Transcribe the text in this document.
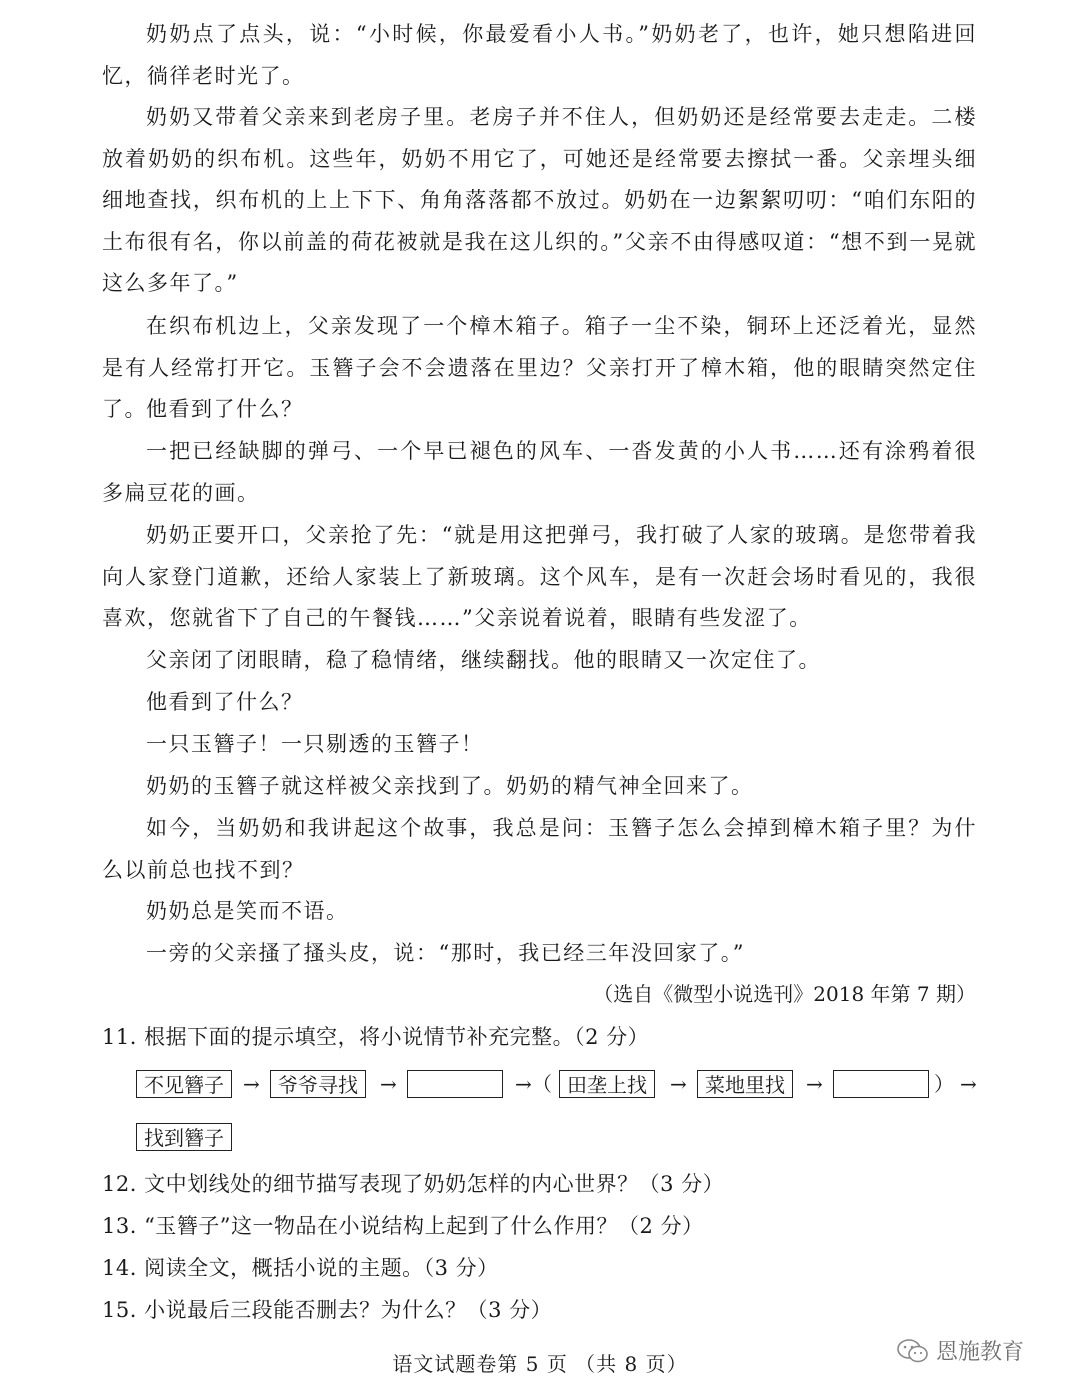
奶奶点了点头，说：“小时候，你最爱看小人书。”奶奶老了，也许，她只想陷进回忆，徜徉老时光了。

奶奶又带着父亲来到老房子里。老房子并不住人，但奶奶还是经常要去走走。二楼放着奶奶的织布机。这些年，奶奶不用它了，可她还是经常要去擦拭一番。父亲埋头细细地查找，织布机的上上下下、角角落落都不放过。奶奶在一边絮絮叨叨：“咱们东阳的土布很有名，你以前盖的荷花被就是我在这儿织的。”父亲不由得感叹道：“想不到一晃就这么多年了。”

在织布机边上，父亲发现了一个樟木箱子。箱子一尘不染，铜环上还泛着光，显然是有人经常打开它。玉簪子会不会遗落在里边？父亲打开了樟木箱，他的眼睛突然定住了。 他看到了什么？

一把已经缺脚的弹弓、一个早已褪色的风车、一沓发黄的小人书……还有涂鸦着很多扁豆花的画。

奶奶正要开口，父亲抢了先：“就是用这把弹弓，我打破了人家的玻璃。是您带着我向人家登门道歉，还给人家装上了新玻璃。这个风车，是有一次赶会场时看见的，我很喜欢，您就省下了自己的午餐钱……”父亲说着说着，眼睛有些发涩了。

父亲闭了闭眼睛，稳了稳情绪，继续翻找。他的眼睛又一次定住了。

他看到了什么？

一只玉簪子！一只剔透的玉簪子！

奶奶的玉簪子就这样被父亲找到了。奶奶的精气神全回来了。

如今，当奶奶和我讲起这个故事，我总是问：玉簪子怎么会掉到樟木箱子里？为什么以前总也找不到？

奶奶总是笑而不语。

一旁的父亲搔了搔头皮，说：“那时，我已经三年没回家了。”

（选自《微型小说选刊》2018 年第 7 期）
11. 根据下面的提示填空，将小说情节补充完整。（2 分）
不见簪子 → 爷爷寻找	→	→ （ 田垄上找	→ 菜地里找	→	） →
找到簪子
12. 文中划线处的细节描写表现了奶奶怎样的内心世界？（3 分）
13. “玉簪子”这一物品在小说结构上起到了什么作用？（2 分）
14. 阅读全文，概括小说的主题。（3 分）
15. 小说最后三段能否删去？为什么？（3 分）
语文试题卷第 5 页 （共 8 页）	恩施教育
